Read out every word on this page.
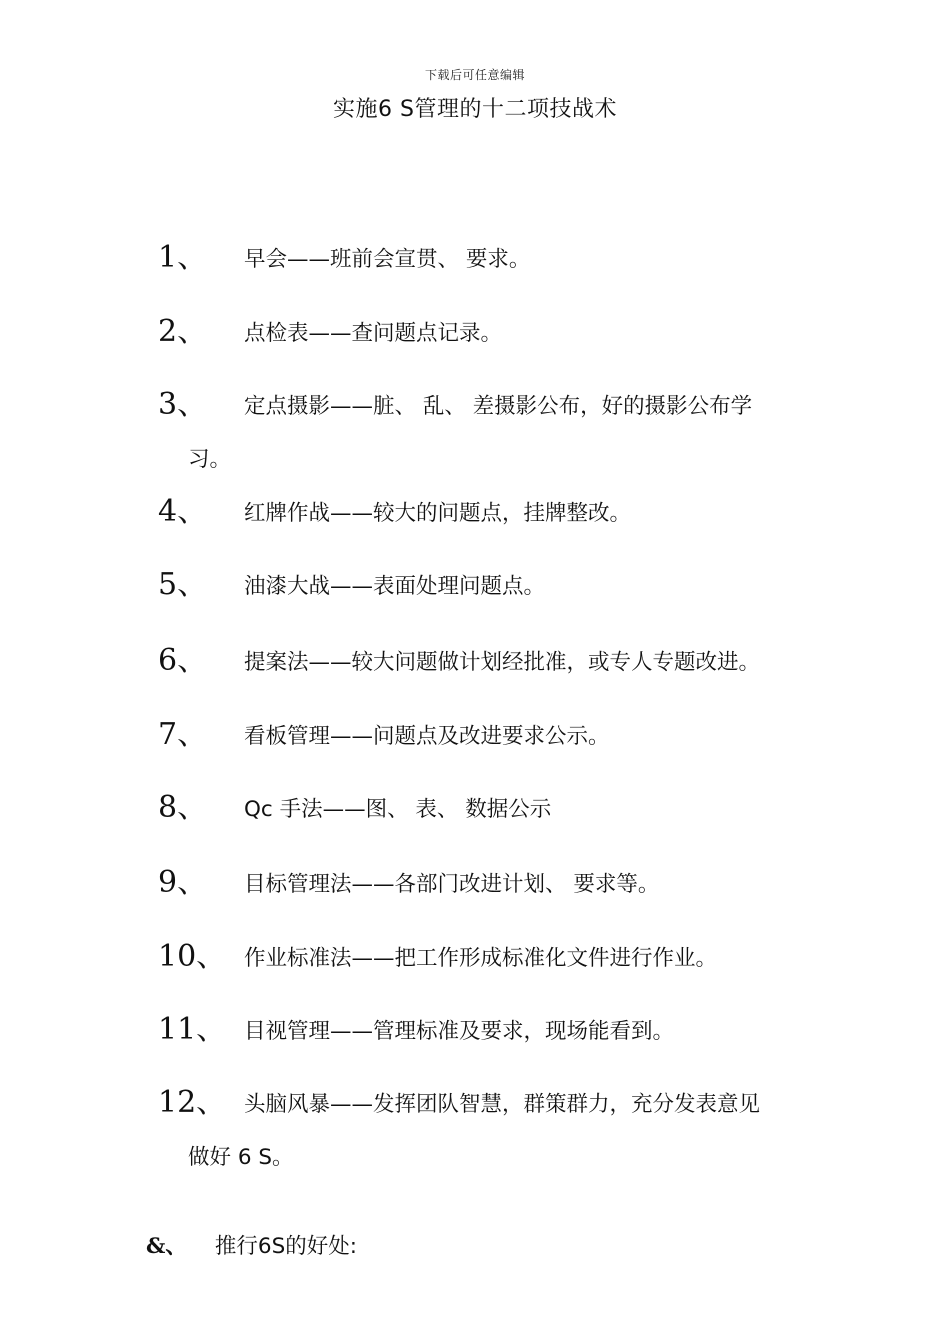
下载后可任意编辑
实施6 S管理的十二项技战术
1、 早会——班前会宣贯、 要求。
2、 点检表——查问题点记录。
3、 定点摄影——脏、 乱、 差摄影公布，好的摄影公布学
习。
4、 红牌作战——较大的问题点，挂牌整改。
5、 油漆大战——表面处理问题点。
6、 提案法——较大问题做计划经批准，或专人专题改进。
7、 看板管理——问题点及改进要求公示。
8、 Qc 手法——图、 表、 数据公示
9、 目标管理法——各部门改进计划、 要求等。
10、 作业标准法——把工作形成标准化文件进行作业。
11、 目视管理——管理标准及要求，现场能看到。
12、 头脑风暴——发挥团队智慧，群策群力，充分发表意见
做好 6 S。
&、 推行6S的好处:
